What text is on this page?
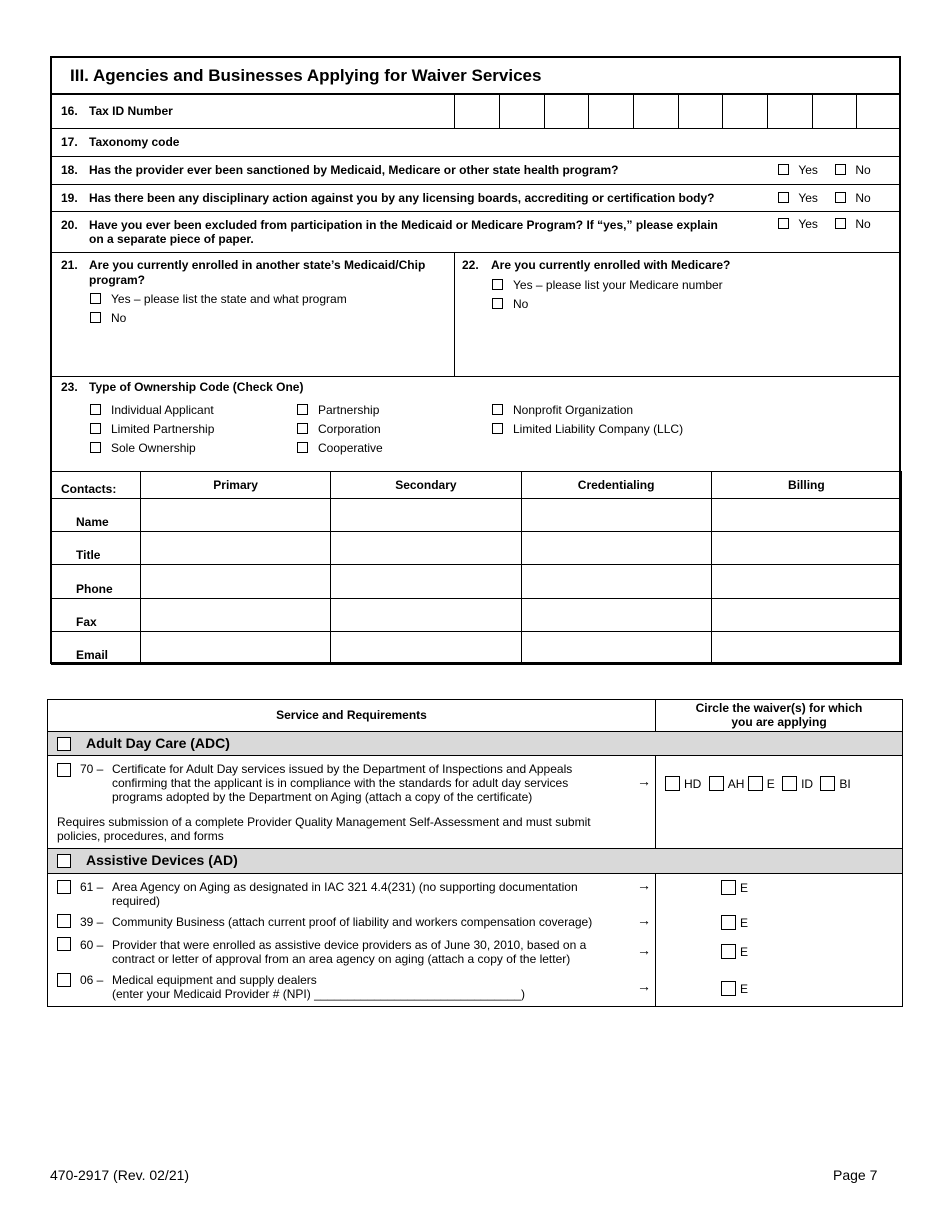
III. Agencies and Businesses Applying for Waiver Services
16. Tax ID Number
17. Taxonomy code
18. Has the provider ever been sanctioned by Medicaid, Medicare or other state health program?	Yes	No
19. Has there been any disciplinary action against you by any licensing boards, accrediting or certification body?	Yes	No
20. Have you ever been excluded from participation in the Medicaid or Medicare Program? If “yes,” please explain
on a separate piece of paper.
Yes	No
21. Are you currently enrolled in another state’s Medicaid/Chip
program?
Yes – please list the state and what program
No
22. Are you currently enrolled with Medicare?
Yes – please list your Medicare number
No
23. Type of Ownership Code (Check One)
Individual Applicant
Limited Partnership
Sole Ownership
Partnership
Corporation
Cooperative
Nonprofit Organization
Limited Liability Company (LLC)
Contacts:	Primary	Secondary	Credentialing	Billing
Name				
Title				
Phone				
Fax				
Email				
Service and Requirements	Circle the waiver(s) for which
you are applying
Adult Day Care (ADC)
70 – Certificate for Adult Day services issued by the Department of Inspections and Appeals
confirming that the applicant is in compliance with the standards for adult day services
programs adopted by the Department on Aging (attach a copy of the certificate)
→	HD AH E ID BI
Requires submission of a complete Provider Quality Management Self-Assessment and must submit
policies, procedures, and forms
Assistive Devices (AD)
61 – Area Agency on Aging as designated in IAC 321 4.4(231) (no supporting documentation
required)
→	E
39 – Community Business (attach current proof of liability and workers compensation coverage)	→	E
60 – Provider that were enrolled as assistive device providers as of June 30, 2010, based on a
contract or letter of approval from an area agency on aging (attach a copy of the letter)
→	E
06 – Medical equipment and supply dealers
(enter your Medicaid Provider # (NPI) _______________________________)	→	E
470-2917 (Rev. 02/21)	Page 7
